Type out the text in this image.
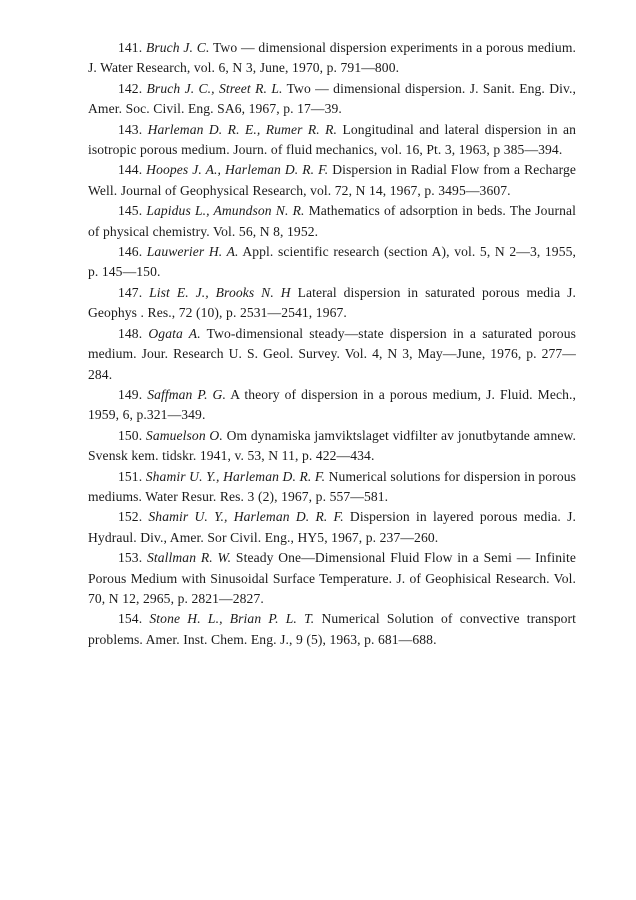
141. Bruch J. C. Two — dimensional dispersion experiments in a porous medium. J. Water Research, vol. 6, N 3, June, 1970, p. 791—800.

142. Bruch J. C., Street R. L. Two — dimensional dispersion. J. Sanit. Eng. Div., Amer. Soc. Civil. Eng. SA6, 1967, p. 17—39.

143. Harleman D. R. E., Rumer R. R. Longitudinal and lateral dispersion in an isotropic porous medium. Journ. of fluid mechanics, vol. 16, Pt. 3, 1963, p 385—394.

144. Hoopes J. A., Harleman D. R. F. Dispersion in Radial Flow from a Recharge Well. Journal of Geophysical Research, vol. 72, N 14, 1967, p. 3495—3607.

145. Lapidus L., Amundson N. R. Mathematics of adsorption in beds. The Journal of physical chemistry. Vol. 56, N 8, 1952.

146. Lauwerier H. A. Appl. scientific research (section A), vol. 5, N 2—3, 1955, p. 145—150.

147. List E. J., Brooks N. H Lateral dispersion in saturated porous media J. Geophys . Res., 72 (10), p. 2531—2541, 1967.

148. Ogata A. Two-dimensional steady—state dispersion in a saturated porous medium. Jour. Research U. S. Geol. Survey. Vol. 4, N 3, May—June, 1976, p. 277—284.

149. Saffman P. G. A theory of dispersion in a porous medium, J. Fluid. Mech., 1959, 6, p.321—349.

150. Samuelson O. Om dynamiska jamviktslaget vidfilter av jonutbytande amnew. Svensk kem. tidskr. 1941, v. 53, N 11, p. 422—434.

151. Shamir U. Y., Harleman D. R. F. Numerical solutions for dispersion in porous mediums. Water Resur. Res. 3 (2), 1967, p. 557—581.

152. Shamir U. Y., Harleman D. R. F. Dispersion in layered porous media. J. Hydraul. Div., Amer. Sor Civil. Eng., HY5, 1967, p. 237—260.

153. Stallman R. W. Steady One—Dimensional Fluid Flow in a Semi — Infinite Porous Medium with Sinusoidal Surface Temperature. J. of Geophisical Research. Vol. 70, N 12, 2965, p. 2821—2827.

154. Stone H. L., Brian P. L. T. Numerical Solution of convective transport problems. Amer. Inst. Chem. Eng. J., 9 (5), 1963, p. 681—688.
